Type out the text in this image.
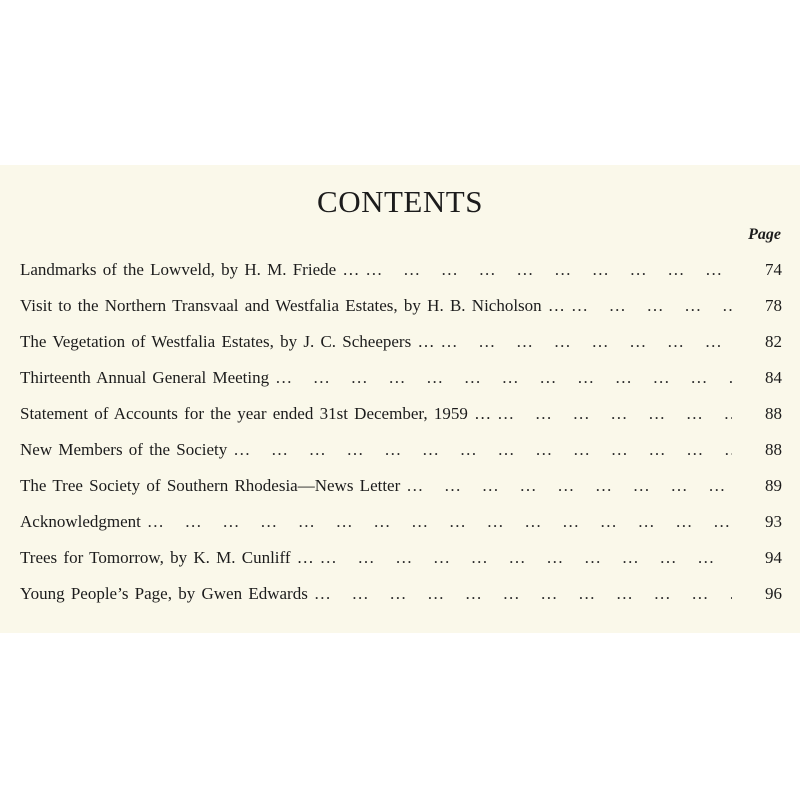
CONTENTS
Page
Landmarks of the Lowveld, by H. M. Friede … … … … … … … … … … … … … … … … … … … … … … … …	74
Visit to the Northern Transvaal and Westfalia Estates, by H. B. Nicholson … … … … … … … … … … … … … … … … … … … … … … … …	78
The Vegetation of Westfalia Estates, by J. C. Scheepers … … … … … … … … … … … … … … … … … … … … … … … …	82
Thirteenth Annual General Meeting … … … … … … … … … … … … … … … … … … … … … … …	84
Statement of Accounts for the year ended 31st December, 1959 … … … … … … … … … … … … … … … … … … … … … … … …	88
New Members of the Society … … … … … … … … … … … … … … … … … … … … … … …	88
The Tree Society of Southern Rhodesia—News Letter … … … … … … … … … … … … … … … … … … … … … … …	89
Acknowledgment … … … … … … … … … … … … … … … … … … … … … … …	93
Trees for Tomorrow, by K. M. Cunliff … … … … … … … … … … … … … … … … … … … … … … … …	94
Young People’s Page, by Gwen Edwards … … … … … … … … … … … … … … … … … … … … … … …	96
